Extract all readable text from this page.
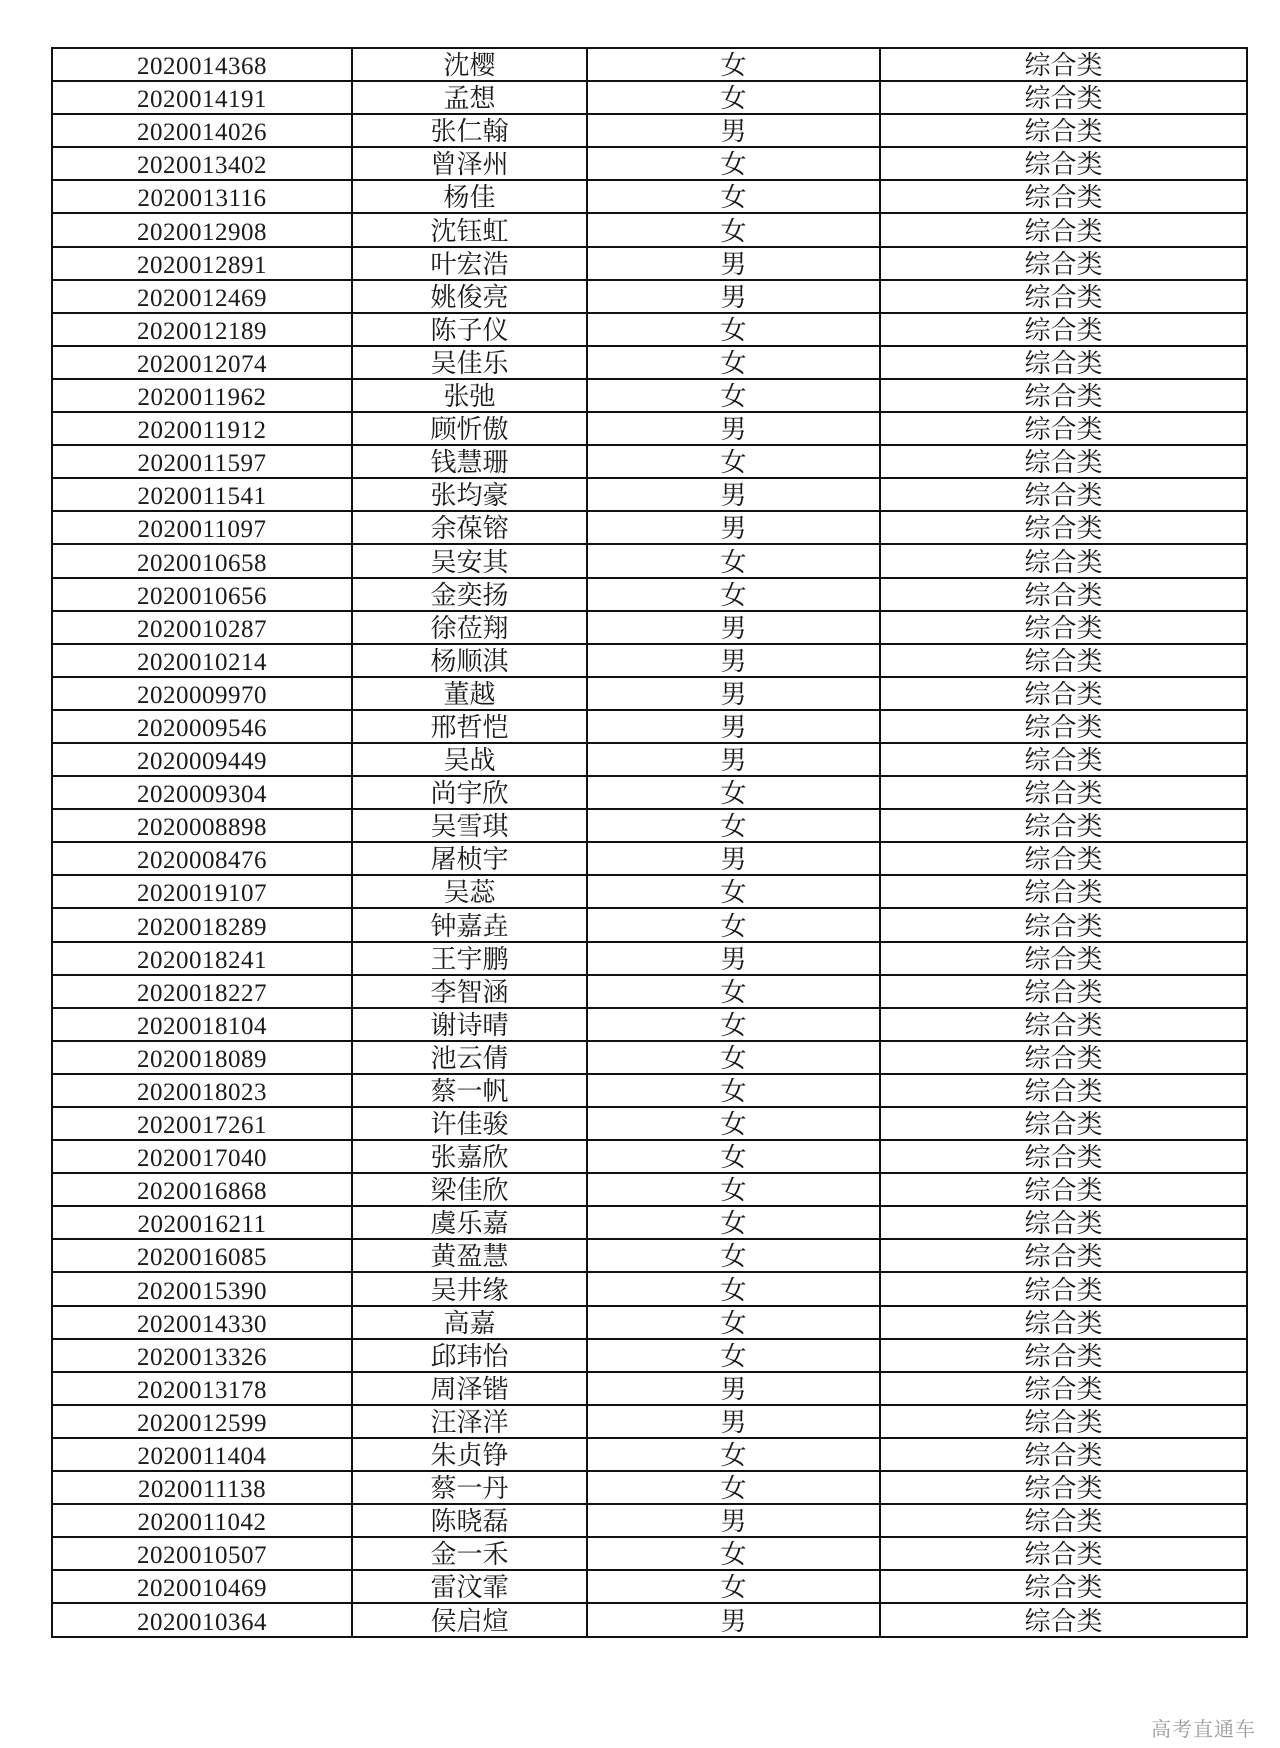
2020014368	沈樱	女	综合类
2020014191	孟想	女	综合类
2020014026	张仁翰	男	综合类
2020013402	曾泽州	女	综合类
2020013116	杨佳	女	综合类
2020012908	沈钰虹	女	综合类
2020012891	叶宏浩	男	综合类
2020012469	姚俊亮	男	综合类
2020012189	陈子仪	女	综合类
2020012074	吴佳乐	女	综合类
2020011962	张弛	女	综合类
2020011912	顾忻傲	男	综合类
2020011597	钱慧珊	女	综合类
2020011541	张均豪	男	综合类
2020011097	余葆镕	男	综合类
2020010658	吴安其	女	综合类
2020010656	金奕扬	女	综合类
2020010287	徐莅翔	男	综合类
2020010214	杨顺淇	男	综合类
2020009970	董越	男	综合类
2020009546	邢哲恺	男	综合类
2020009449	吴战	男	综合类
2020009304	尚宇欣	女	综合类
2020008898	吴雪琪	女	综合类
2020008476	屠桢宇	男	综合类
2020019107	吴蕊	女	综合类
2020018289	钟嘉垚	女	综合类
2020018241	王宇鹏	男	综合类
2020018227	李智涵	女	综合类
2020018104	谢诗晴	女	综合类
2020018089	池云倩	女	综合类
2020018023	蔡一帆	女	综合类
2020017261	许佳骏	女	综合类
2020017040	张嘉欣	女	综合类
2020016868	梁佳欣	女	综合类
2020016211	虞乐嘉	女	综合类
2020016085	黄盈慧	女	综合类
2020015390	吴井缘	女	综合类
2020014330	高嘉	女	综合类
2020013326	邱玮怡	女	综合类
2020013178	周泽锴	男	综合类
2020012599	汪泽洋	男	综合类
2020011404	朱贞铮	女	综合类
2020011138	蔡一丹	女	综合类
2020011042	陈晓磊	男	综合类
2020010507	金一禾	女	综合类
2020010469	雷汶霏	女	综合类
2020010364	侯启煊	男	综合类
高考直通车
